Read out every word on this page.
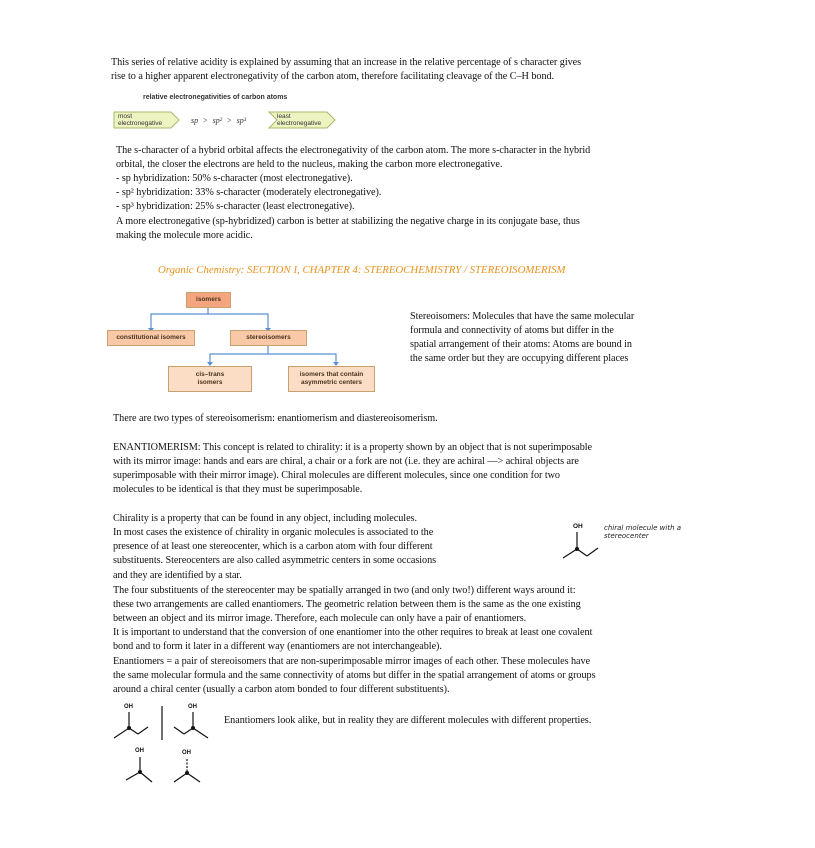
This series of relative acidity is explained by assuming that an increase in the relative percentage of s character gives
rise to a higher apparent electronegativity of the carbon atom, therefore facilitating cleavage of the C–H bond.
relative electronegativities of carbon atoms
most
electronegative	sp > sp² > sp³	least
electronegative
The s-character of a hybrid orbital affects the electronegativity of the carbon atom. The more s-character in the hybrid
orbital, the closer the electrons are held to the nucleus, making the carbon more electronegative.
- sp hybridization: 50% s-character (most electronegative).
- sp² hybridization: 33% s-character (moderately electronegative).
- sp³ hybridization: 25% s-character (least electronegative).
A more electronegative (sp-hybridized) carbon is better at stabilizing the negative charge in its conjugate base, thus
making the molecule more acidic.
Organic Chemistry: SECTION I, CHAPTER 4: STEREOCHEMISTRY / STEREOISOMERISM
isomers
constitutional isomers	stereoisomers
cis–trans
isomers
isomers that contain
asymmetric centers
Stereoisomers: Molecules that have the same molecular
formula and connectivity of atoms but differ in the
spatial arrangement of their atoms: Atoms are bound in
the same order but they are occupying different places
There are two types of stereoisomerism: enantiomerism and diastereoisomerism.
ENANTIOMERISM: This concept is related to chirality: it is a property shown by an object that is not superimposable
with its mirror image: hands and ears are chiral, a chair or a fork are not (i.e. they are achiral —> achiral objects are
superimposable with their mirror image). Chiral molecules are different molecules, since one condition for two
molecules to be identical is that they must be superimposable.
Chirality is a property that can be found in any object, including molecules.
In most cases the existence of chirality in organic molecules is associated to the
presence of at least one stereocenter, which is a carbon atom with four different
substituents. Stereocenters are also called asymmetric centers in some occasions
and they are identified by a star.
OH	chiral molecule with a
stereocenter
The four substituents of the stereocenter may be spatially arranged in two (and only two!) different ways around it:
these two arrangements are called enantiomers. The geometric relation between them is the same as the one existing
between an object and its mirror image. Therefore, each molecule can only have a pair of enantiomers.
It is important to understand that the conversion of one enantiomer into the other requires to break at least one covalent
bond and to form it later in a different way (enantiomers are not interchangeable).
Enantiomers = a pair of stereoisomers that are non-superimposable mirror images of each other. These molecules have
the same molecular formula and the same connectivity of atoms but differ in the spatial arrangement of atoms or groups
around a chiral center (usually a carbon atom bonded to four different substituents).
OH	OH
OH	OH
Enantiomers look alike, but in reality they are different molecules with different properties.
